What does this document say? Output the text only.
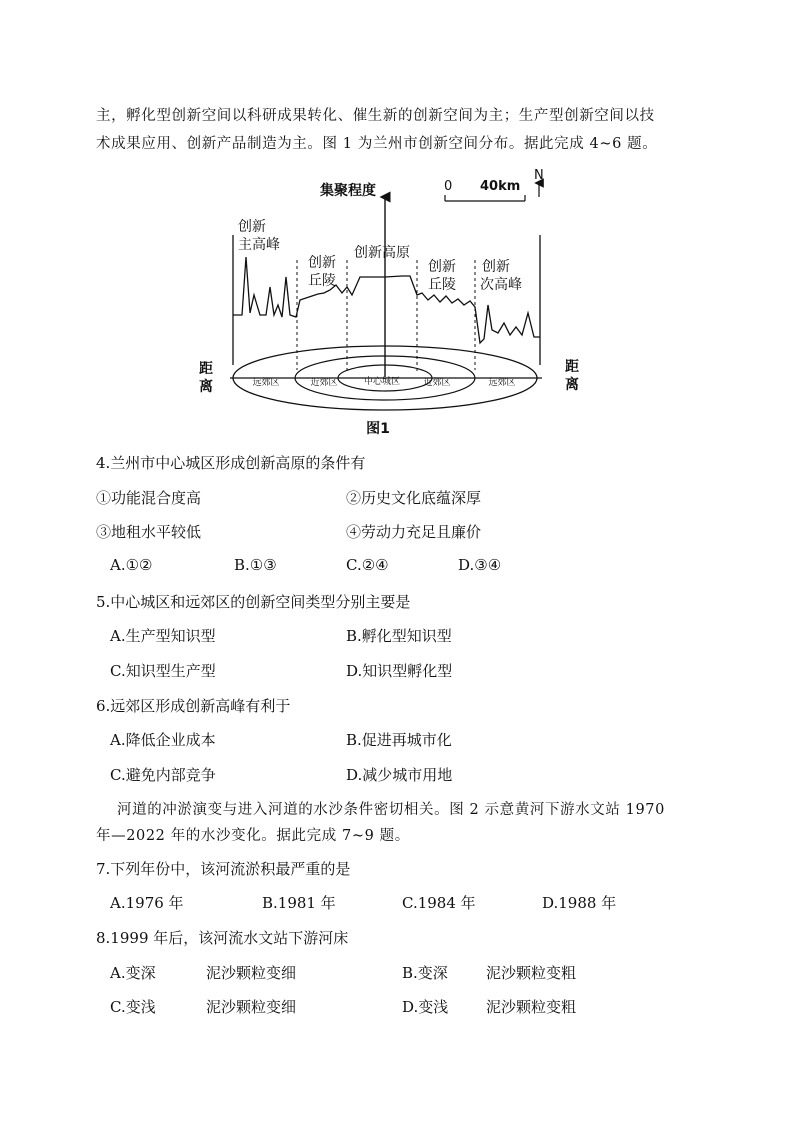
主，孵化型创新空间以科研成果转化、催生新的创新空间为主；生产型创新空间以技
术成果应用、创新产品制造为主。图 1 为兰州市创新空间分布。据此完成 4~6 题。
集聚程度	0 40km
N
创新
主高峰
创新
丘陵
创新高原
创新
丘陵
创新
次高峰
距
离
距
离
远郊区	近郊区	中心城区	近郊区	远郊区
图1
4.兰州市中心城区形成创新高原的条件有
①功能混合度高	②历史文化底蕴深厚
③地租水平较低	④劳动力充足且廉价
A.①②	B.①③	C.②④	D.③④
5.中心城区和远郊区的创新空间类型分别主要是
A.生产型知识型	B.孵化型知识型
C.知识型生产型	D.知识型孵化型
6.远郊区形成创新高峰有利于
A.降低企业成本	B.促进再城市化
C.避免内部竞争	D.减少城市用地
河道的冲淤演变与进入河道的水沙条件密切相关。图 2 示意黄河下游水文站 1970
年—2022 年的水沙变化。据此完成 7~9 题。
7.下列年份中，该河流淤积最严重的是
A.1976 年	B.1981 年	C.1984 年	D.1988 年
8.1999 年后，该河流水文站下游河床
A.变深	泥沙颗粒变细	B.变深	泥沙颗粒变粗
C.变浅	泥沙颗粒变细	D.变浅	泥沙颗粒变粗
